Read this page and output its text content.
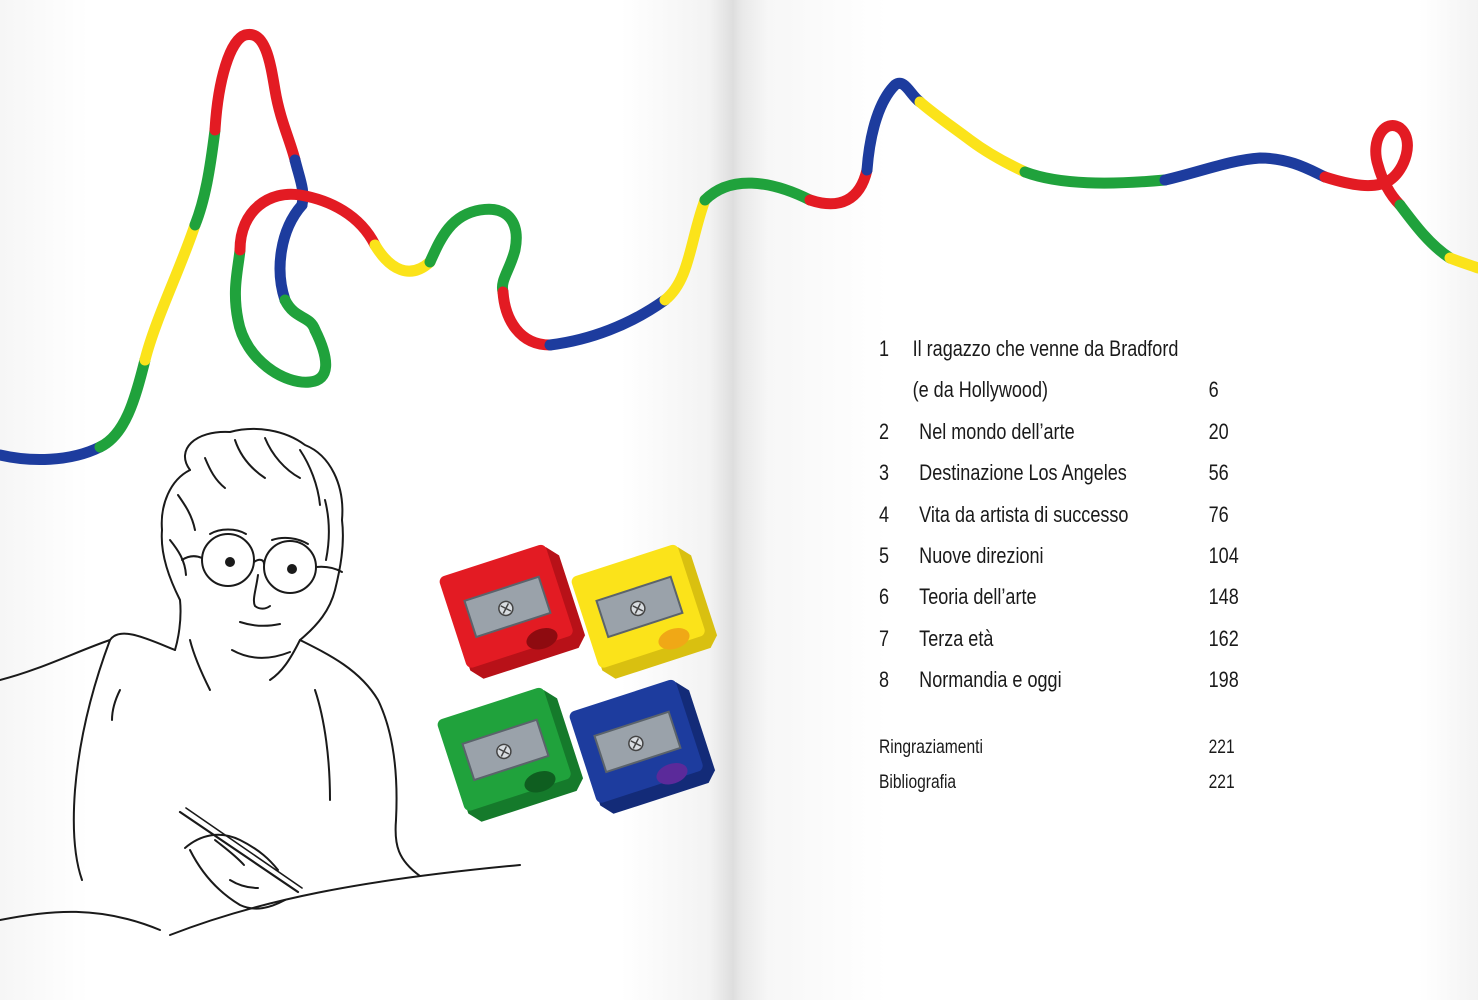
1 Il ragazzo che venne da Bradford
(e da Hollywood)	6
2 Nel mondo dell’arte	20
3 Destinazione Los Angeles	56
4 Vita da artista di successo	76
5 Nuove direzioni	104
6 Teoria dell’arte	148
7 Terza età	162
8 Normandia e oggi	198
Ringraziamenti	221
Bibliografia	221
